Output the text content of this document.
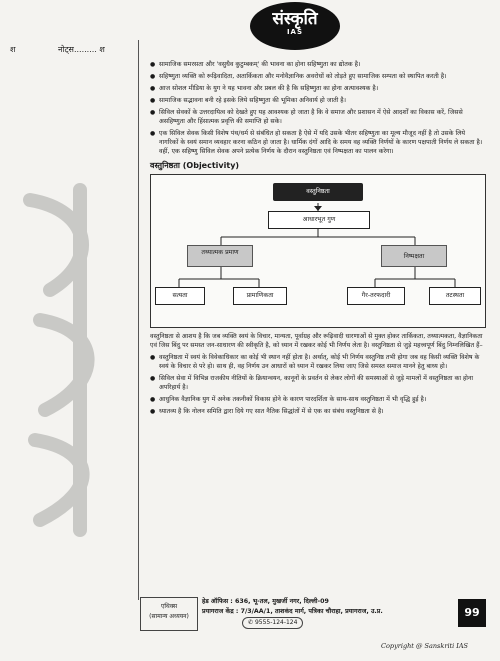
श	नोट्स......... श
संस्कृति
IAS
● सामाजिक समरसता और 'वसुधैव कुटुम्बकम्' की भावना का होना सहिष्णुता का द्योतक है।
● सहिष्णुता व्यक्ति को रूढ़िवादिता, अतार्किकता और मनोवैज्ञानिक अवरोधों को तोड़ते हुए सामाजिक सम्पता को स्थापित करती है।
● आज सोशल मीडिया के युग ने यह भावना और प्रबल की है कि सहिष्णुता का होना अत्यावश्यक है।
● सामाजिक सद्भावना बनी रहे इसके लिये सहिष्णुता की भूमिका अनिवार्य हो जाती है।
● सिविल सेवकों के उत्तरदायित्व को देखते हुए यह आवश्यक हो जाता है कि वे समाज और प्रशासन में ऐसे आदर्शों का विकास करें, जिससे असहिष्णुता और हिंसात्मक प्रवृत्ति की समाप्ति हो सके।
● एक सिविल सेवक किसी विशेष पंथ/धर्म से संबंधित हो सकता है ऐसे में यदि उसके भीतर सहिष्णुता का मूल्य मौजूद नहीं है तो उसके लिये नागरिकों के स्वयं समान व्यवहार करना कठिन हो जाता है। धार्मिक दंगों आदि के समय वह व्यक्ति निर्णयों के कारण पक्षपाती निर्णय ले सकता है। वहीं, एक सहिष्णु सिविल सेवक अपने प्रत्येक निर्णय के दौरान वस्तुनिष्ठता एवं निष्पक्षता का पालन करेगा।
वस्तुनिष्ठता (Objectivity)
वस्तुनिष्ठता
आधारभूत गुण
तथ्यात्मक प्रमाण
निष्पक्षता
सत्यता	प्रामाणिकता	गैर-तरफदारी	तटस्थता

वस्तुनिष्ठता से आशय है कि जब व्यक्ति स्वयं के विचार, मान्यता, पूर्वाग्रह और रूढ़िवादी धारणाओं से मुक्त होकर तार्किकता, तथ्यात्मकता, वैज्ञानिकता एवं जिस बिंदु पर समस्त जन-साधारण की स्वीकृति है, को ध्यान में रखकर कोई भी निर्णय लेता है। वस्तुनिष्ठता से जुड़े महत्त्वपूर्ण बिंदु निम्नलिखित हैं–

● वस्तुनिष्ठता में स्वयं के विवेकाधिकार का कोई भी स्थान नहीं होता है। अर्थात्, कोई भी निर्णय वस्तुनिष्ठ तभी होगा जब वह किसी व्यक्ति विशेष के स्वयं के विचार से परे हो। साथ ही, वह निर्णय उन आधारों को ध्यान में रखकर लिया जाए जिसे समस्त समाज मानने हेतु बाध्य हो।
● सिविल सेवा में विभिन्न राजकीय नीतियों के क्रियान्वयन, कानूनों के प्रवर्तन से लेकर लोगों की समस्याओं से जुड़े मामलों में वस्तुनिष्ठता का होना अपरिहार्य है।
● आधुनिक वैज्ञानिक युग में अनेक तकनीकों विकास होने के कारण पारदर्शिता के साथ-साथ वस्तुनिष्ठता में भी वृद्धि हुई है।
● ध्यातव्य है कि नोलन समिति द्वारा दिये गए सात नैतिक सिद्धांतों में से एक का संबंध वस्तुनिष्ठता से है।
एथिक्स
(सामान्य अध्ययन)
हेड ऑफिस : 636, भू-तल, मुखर्जी नगर, दिल्ली-09
प्रयागराज केंद्र : 7/3/AA/1, ताशकंद मार्ग, पत्रिका चौराहा, प्रयागराज, उ.प्र.
✆ 9555-124-124
99
Copyright @ Sanskriti IAS
